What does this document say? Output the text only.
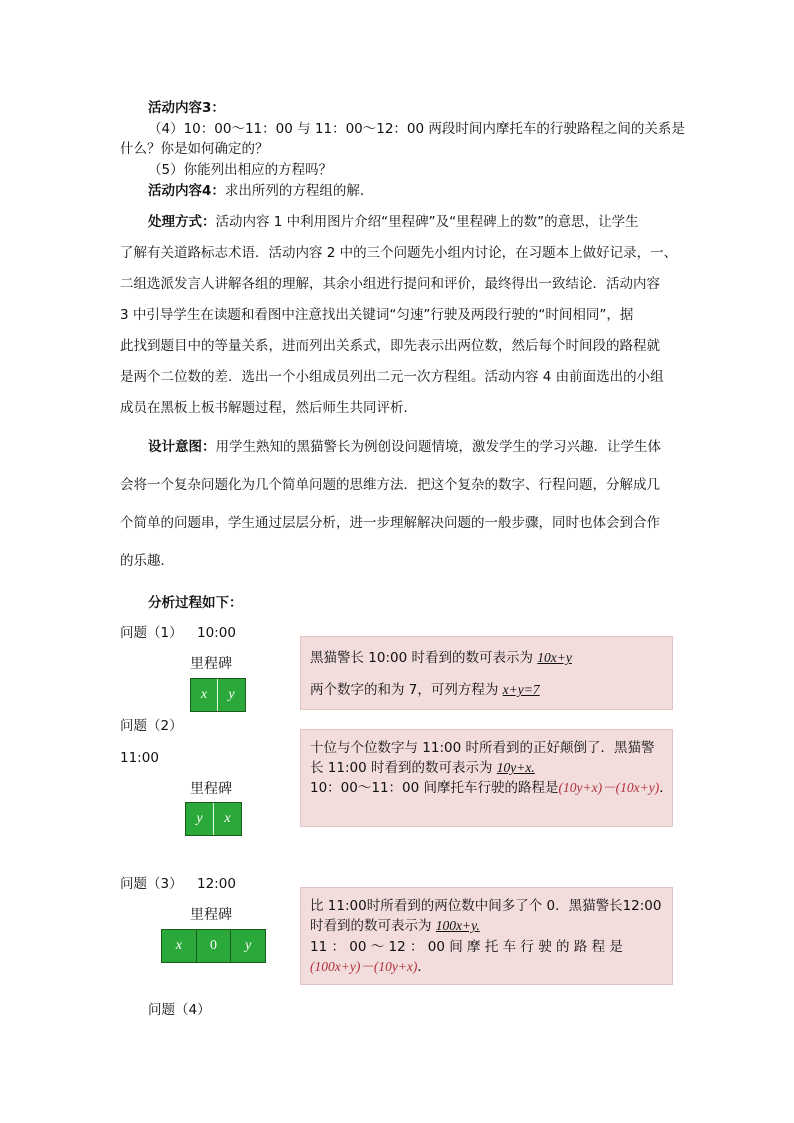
活动内容3：
（4）10：00～11：00 与 11：00～12：00 两段时间内摩托车的行驶路程之间的关系是
什么？你是如何确定的？
（5）你能列出相应的方程吗？
活动内容4：求出所列的方程组的解．
处理方式：活动内容 1 中利用图片介绍“里程碑”及“里程碑上的数”的意思，让学生
了解有关道路标志术语．活动内容 2 中的三个问题先小组内讨论，在习题本上做好记录，一、
二组选派发言人讲解各组的理解，其余小组进行提问和评价，最终得出一致结论．活动内容
3 中引导学生在读题和看图中注意找出关键词“匀速”行驶及两段行驶的“时间相同”，据
此找到题目中的等量关系，进而列出关系式，即先表示出两位数，然后每个时间段的路程就
是两个二位数的差．选出一个小组成员列出二元一次方程组。活动内容 4 由前面选出的小组
成员在黑板上板书解题过程，然后师生共同评析．
设计意图：用学生熟知的黑猫警长为例创设问题情境，激发学生的学习兴趣．让学生体
会将一个复杂问题化为几个简单问题的思维方法．把这个复杂的数字、行程问题，分解成几
个简单的问题串，学生通过层层分析，进一步理解解决问题的一般步骤，同时也体会到合作
的乐趣．
分析过程如下：
问题（1） 10:00
里程碑
x	y
黑猫警长 10:00 时看到的数可表示为 10x+y
两个数字的和为 7，可列方程为 x+y=7
问题（2）
11:00
里程碑
y	x
十位与个位数字与 11:00 时所看到的正好颠倒了．黑猫警
长 11:00 时看到的数可表示为 10y+x.
10：00～11：00 间摩托车行驶的路程是(10y+x)－(10x+y)．
问题（3） 12:00
里程碑
x	0	y
比 11:00时所看到的两位数中间多了个 0．黑猫警长12:00
时看到的数可表示为 100x+y.
11 ： 00 ～ 12 ： 00 间 摩 托 车 行 驶 的 路 程 是
(100x+y)－(10y+x)．
问题（4）
